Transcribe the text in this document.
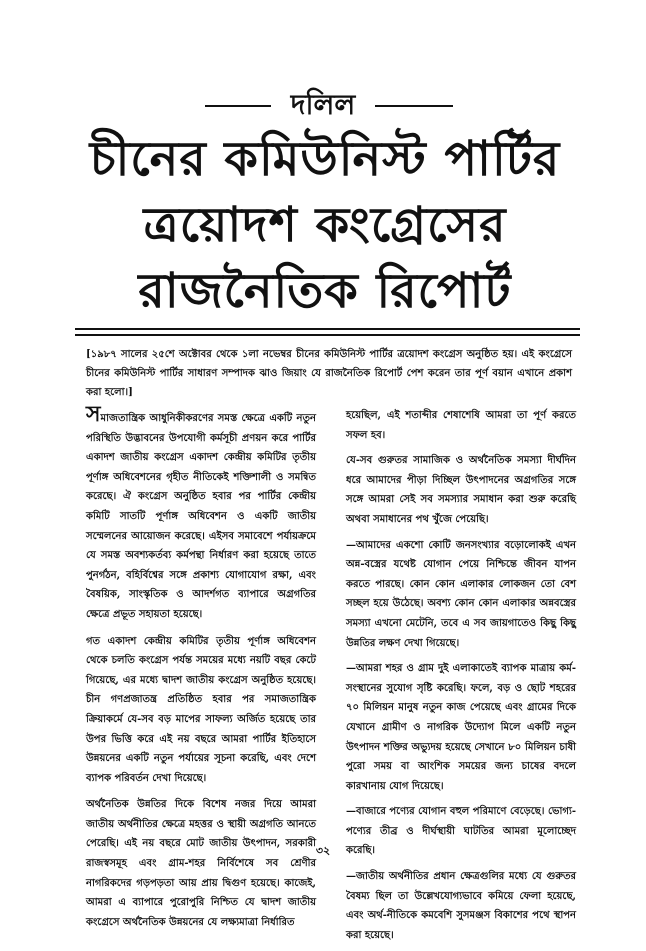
দলিল
চীনের কমিউনিস্ট পার্টির ত্রয়োদশ কংগ্রেসের রাজনৈতিক রিপোর্ট

[১৯৮৭ সালের ২৫শে অক্টোবর থেকে ১লা নভেম্বর চীনের কমিউনিস্ট পার্টির ত্রয়োদশ কংগ্রেস অনুষ্ঠিত হয়। এই কংগ্রেসে চীনের কমিউনিস্ট পার্টির সাধারণ সম্পাদক ঝাও জিয়াং যে রাজনৈতিক রিপোর্ট পেশ করেন তার পূর্ণ বয়ান এখানে প্রকাশ করা হলো।]

সমাজতান্ত্রিক আধুনিকীকরণের সমস্ত ক্ষেত্রে একটি নতুন পরিস্থিতি উদ্ভাবনের উপযোগী কর্মসূচী প্রণয়ন করে পার্টির একাদশ জাতীয় কংগ্রেস একাদশ কেন্দ্রীয় কমিটির তৃতীয় পূর্ণাঙ্গ অধিবেশনের গৃহীত নীতিকেই শক্তিশালী ও সমন্বিত করেছে। ঐ কংগ্রেস অনুষ্ঠিত হবার পর পার্টির কেন্দ্রীয় কমিটি সাতটি পূর্ণাঙ্গ অধিবেশন ও একটি জাতীয় সম্মেলনের আয়োজন করেছে। এইসব সমাবেশে পর্যায়ক্রমে যে সমস্ত অবশ্যকর্তব্য কর্মপন্থা নির্ধারণ করা হয়েছে তাতে পুনর্গঠন, বহির্বিশ্বের সঙ্গে প্রকাশ্য যোগাযোগ রক্ষা, এবং বৈষয়িক, সাংস্কৃতিক ও আদর্শগত ব্যাপারে অগ্রগতির ক্ষেত্রে প্রভূত সহায়তা হয়েছে।

গত একাদশ কেন্দ্রীয় কমিটির তৃতীয় পূর্ণাঙ্গ অধিবেশন থেকে চলতি কংগ্রেস পর্যন্ত সময়ের মধ্যে নয়টি বছর কেটে গিয়েছে, এর মধ্যে দ্বাদশ জাতীয় কংগ্রেস অনুষ্ঠিত হয়েছে। চীন গণপ্রজাতন্ত্র প্রতিষ্ঠিত হবার পর সমাজতান্ত্রিক ক্রিয়াকর্মে যে-সব বড় মাপের সাফল্য অর্জিত হয়েছে তার উপর ভিত্তি করে এই নয় বছরে আমরা পার্টির ইতিহাসে উন্নয়নের একটি নতুন পর্যায়ের সূচনা করেছি, এবং দেশে ব্যাপক পরিবর্তন দেখা দিয়েছে।

অর্থনৈতিক উন্নতির দিকে বিশেষ নজর দিয়ে আমরা জাতীয় অর্থনীতির ক্ষেত্রে মহত্তর ও স্থায়ী অগ্রগতি আনতে পেরেছি। এই নয় বছরে মোট জাতীয় উৎপাদন, সরকারী রাজস্বসমূহ এবং গ্রাম-শহর নির্বিশেষে সব শ্রেণীর নাগরিকদের গড়পড়তা আয় প্রায় দ্বিগুণ হয়েছে। কাজেই, আমরা এ ব্যাপারে পুরোপুরি নিশ্চিত যে দ্বাদশ জাতীয় কংগ্রেসে অর্থনৈতিক উন্নয়নের যে লক্ষ্যমাত্রা নির্ধারিত

হয়েছিল, এই শতাব্দীর শেষাশেষি আমরা তা পূর্ণ করতে সফল হব।

যে-সব গুরুতর সামাজিক ও অর্থনৈতিক সমস্যা দীর্ঘদিন ধরে আমাদের পীড়া দিচ্ছিল উৎপাদনের অগ্রগতির সঙ্গে সঙ্গে আমরা সেই সব সমস্যার সমাধান করা শুরু করেছি অথবা সমাধানের পথ খুঁজে পেয়েছি।

—আমাদের একশো কোটি জনসংখ্যার বড়োলোকই এখন অন্ন-বস্ত্রের যথেষ্ট যোগান পেয়ে নিশ্চিন্তে জীবন যাপন করতে পারছে। কোন কোন এলাকার লোকজন তো বেশ সচ্ছল হয়ে উঠেছে। অবশ্য কোন কোন এলাকার অন্নবস্ত্রের সমস্যা এখনো মেটেনি, তবে এ সব জায়গাতেও কিছু কিছু উন্নতির লক্ষণ দেখা গিয়েছে।

—আমরা শহর ও গ্রাম দুই এলাকাতেই ব্যাপক মাত্রায় কর্ম-সংস্থানের সুযোগ সৃষ্টি করেছি। ফলে, বড় ও ছোট শহরের ৭০ মিলিয়ন মানুষ নতুন কাজ পেয়েছে এবং গ্রামের দিকে যেখানে গ্রামীণ ও নাগরিক উদ্যোগ মিলে একটি নতুন উৎপাদন শক্তির অভ্যুদয় হয়েছে সেখানে ৮০ মিলিয়ন চাষী পুরো সময় বা আংশিক সময়ের জন্য চাষের বদলে কারখানায় যোগ দিয়েছে।

—বাজারে পণ্যের যোগান বহুল পরিমাণে বেড়েছে। ভোগ্য-পণ্যের তীব্র ও দীর্ঘস্থায়ী ঘাটতির আমরা মূলোচ্ছেদ করেছি।

—জাতীয় অর্থনীতির প্রধান ক্ষেত্রগুলির মধ্যে যে গুরুতর বৈষম্য ছিল তা উল্লেখযোগ্যভাবে কমিয়ে ফেলা হয়েছে, এবং অর্থ-নীতিকে কমবেশি সুসমঞ্জস বিকাশের পথে স্থাপন করা হয়েছে।

৩২
